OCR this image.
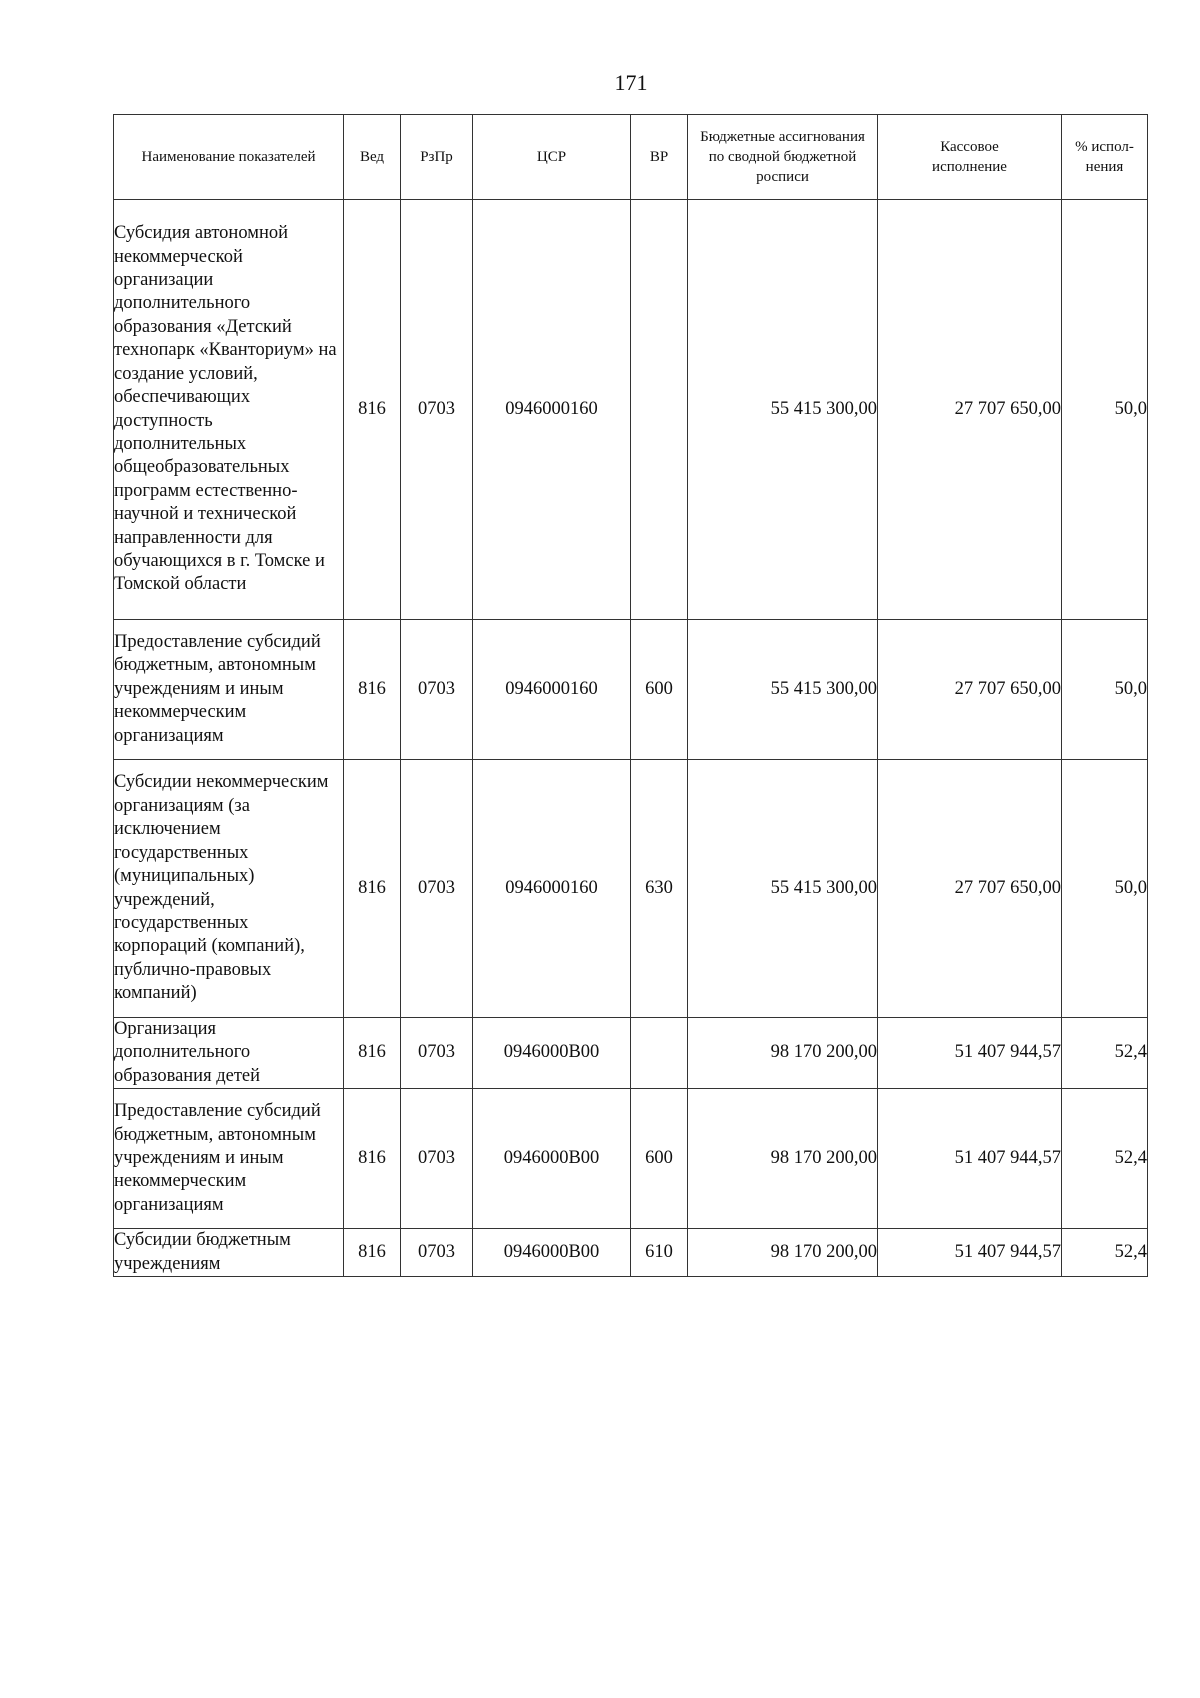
171
Наименование показателей	Вед	РзПр	ЦСР	ВР	Бюджетные ассигнования по сводной бюджетной росписи	Кассовое исполнение	% испол-нения
Субсидия автономной некоммерческой организации дополнительного образования «Детский технопарк «Кванториум» на создание условий, обеспечивающих доступность дополнительных общеобразовательных программ естественно-научной и технической направленности для обучающихся в г. Томске и Томской области	816	0703	0946000160		55 415 300,00	27 707 650,00	50,0
Предоставление субсидий бюджетным, автономным учреждениям и иным некоммерческим организациям	816	0703	0946000160	600	55 415 300,00	27 707 650,00	50,0
Субсидии некоммерческим организациям (за исключением государственных (муниципальных) учреждений, государственных корпораций (компаний), публично-правовых компаний)	816	0703	0946000160	630	55 415 300,00	27 707 650,00	50,0
Организация дополнительного образования детей	816	0703	0946000В00		98 170 200,00	51 407 944,57	52,4
Предоставление субсидий бюджетным, автономным учреждениям и иным некоммерческим организациям	816	0703	0946000В00	600	98 170 200,00	51 407 944,57	52,4
Субсидии бюджетным учреждениям	816	0703	0946000В00	610	98 170 200,00	51 407 944,57	52,4
